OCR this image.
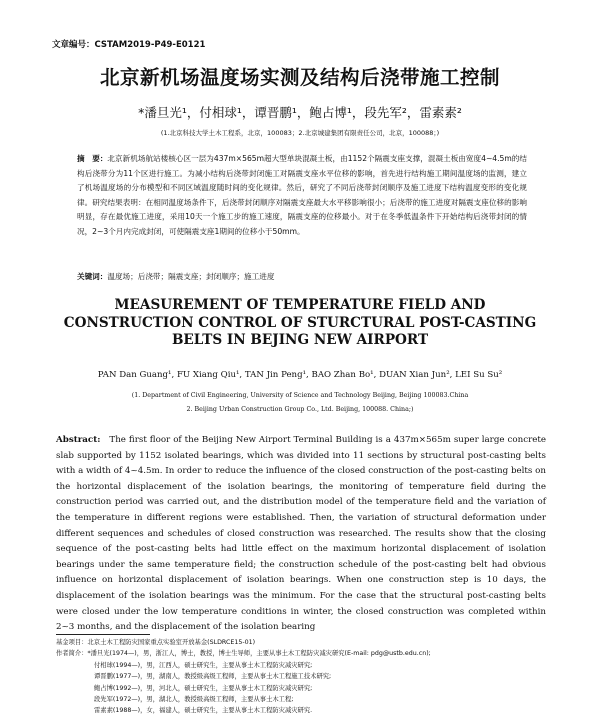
文章编号：CSTAM2019-P49-E0121
北京新机场温度场实测及结构后浇带施工控制
*潘旦光¹，付相球¹，谭晋鹏¹，鲍占博¹，段先军²，雷素素²
(1.北京科技大学土木工程系，北京，100083；2.北京城建集团有限责任公司，北京，100088；)
摘　要：北京新机场航站楼核心区一层为437m×565m超大型单块混凝土板，由1152个隔震支座支撑，混凝土板由宽度4~4.5m的结构后浇带分为11个区进行施工。为减小结构后浇带封闭施工对隔震支座水平位移的影响，首先进行结构施工期间温度场的监测，建立了机场温度场的分布模型和不同区域温度随时间的变化规律。然后，研究了不同后浇带封闭顺序及施工进度下结构温度变形的变化规律。研究结果表明：在相同温度场条件下，后浇带封闭顺序对隔震支座最大水平移影响很小；后浇带的施工进度对隔震支座位移的影响明显，存在最优施工进度，采用10天一个施工步的施工速度，隔震支座的位移最小。对于在冬季低温条件下开始结构后浇带封闭的情况，2~3个月内完成封闭，可使隔震支座1期间的位移小于50mm。
关键词：温度场；后浇带；隔震支座；封闭顺序；施工进度
MEASUREMENT OF TEMPERATURE FIELD AND CONSTRUCTION CONTROL OF STURCTURAL POST-CASTING BELTS IN BEJING NEW AIRPORT
PAN Dan Guang¹, FU Xiang Qiu¹, TAN Jin Peng¹, BAO Zhan Bo¹, DUAN Xian Jun², LEI Su Su²
(1. Department of Civil Engineering, University of Science and Technology Beijing, Beijing 100083.China
2. Beijing Urban Construction Group Co., Ltd. Beijing, 100088. China;)
Abstract: The first floor of the Beijing New Airport Terminal Building is a 437m×565m super large concrete slab supported by 1152 isolated bearings, which was divided into 11 sections by structural post-casting belts with a width of 4~4.5m. In order to reduce the influence of the closed construction of the post-casting belts on the horizontal displacement of the isolation bearings, the monitoring of temperature field during the construction period was carried out, and the distribution model of the temperature field and the variation of the temperature in different regions were established. Then, the variation of structural deformation under different sequences and schedules of closed construction was researched. The results show that the closing sequence of the post-casting belts had little effect on the maximum horizontal displacement of isolation bearings under the same temperature field; the construction schedule of the post-casting belt had obvious influence on horizontal displacement of isolation bearings. When one construction step is 10 days, the displacement of the isolation bearings was the minimum. For the case that the structural post-casting belts were closed under the low temperature conditions in winter, the closed construction was completed within 2~3 months, and the displacement of the isolation bearing
基金项目：北京土木工程防灾国家重点实验室开放基金(SLDRCE15-01)
作者简介：*潘旦光(1974—)，男，浙江人，博士，教授，博士生导师，主要从事土木工程防灾减灾研究(E-mail: pdg@ustb.edu.cn);
付相球(1994—)，男，江西人，硕士研究生，主要从事土木工程防灾减灾研究;
谭晋鹏(1977—)，男，湖南人，教授级高级工程师，主要从事土木工程施工技术研究;
鲍占博(1992—)，男，河北人，硕士研究生，主要从事土木工程防灾减灾研究;
段先军(1972—)，男，湖北人，教授级高级工程师，主要从事土木工程;
雷素素(1988—)，女，福建人，硕士研究生，主要从事土木工程防灾减灾研究.
